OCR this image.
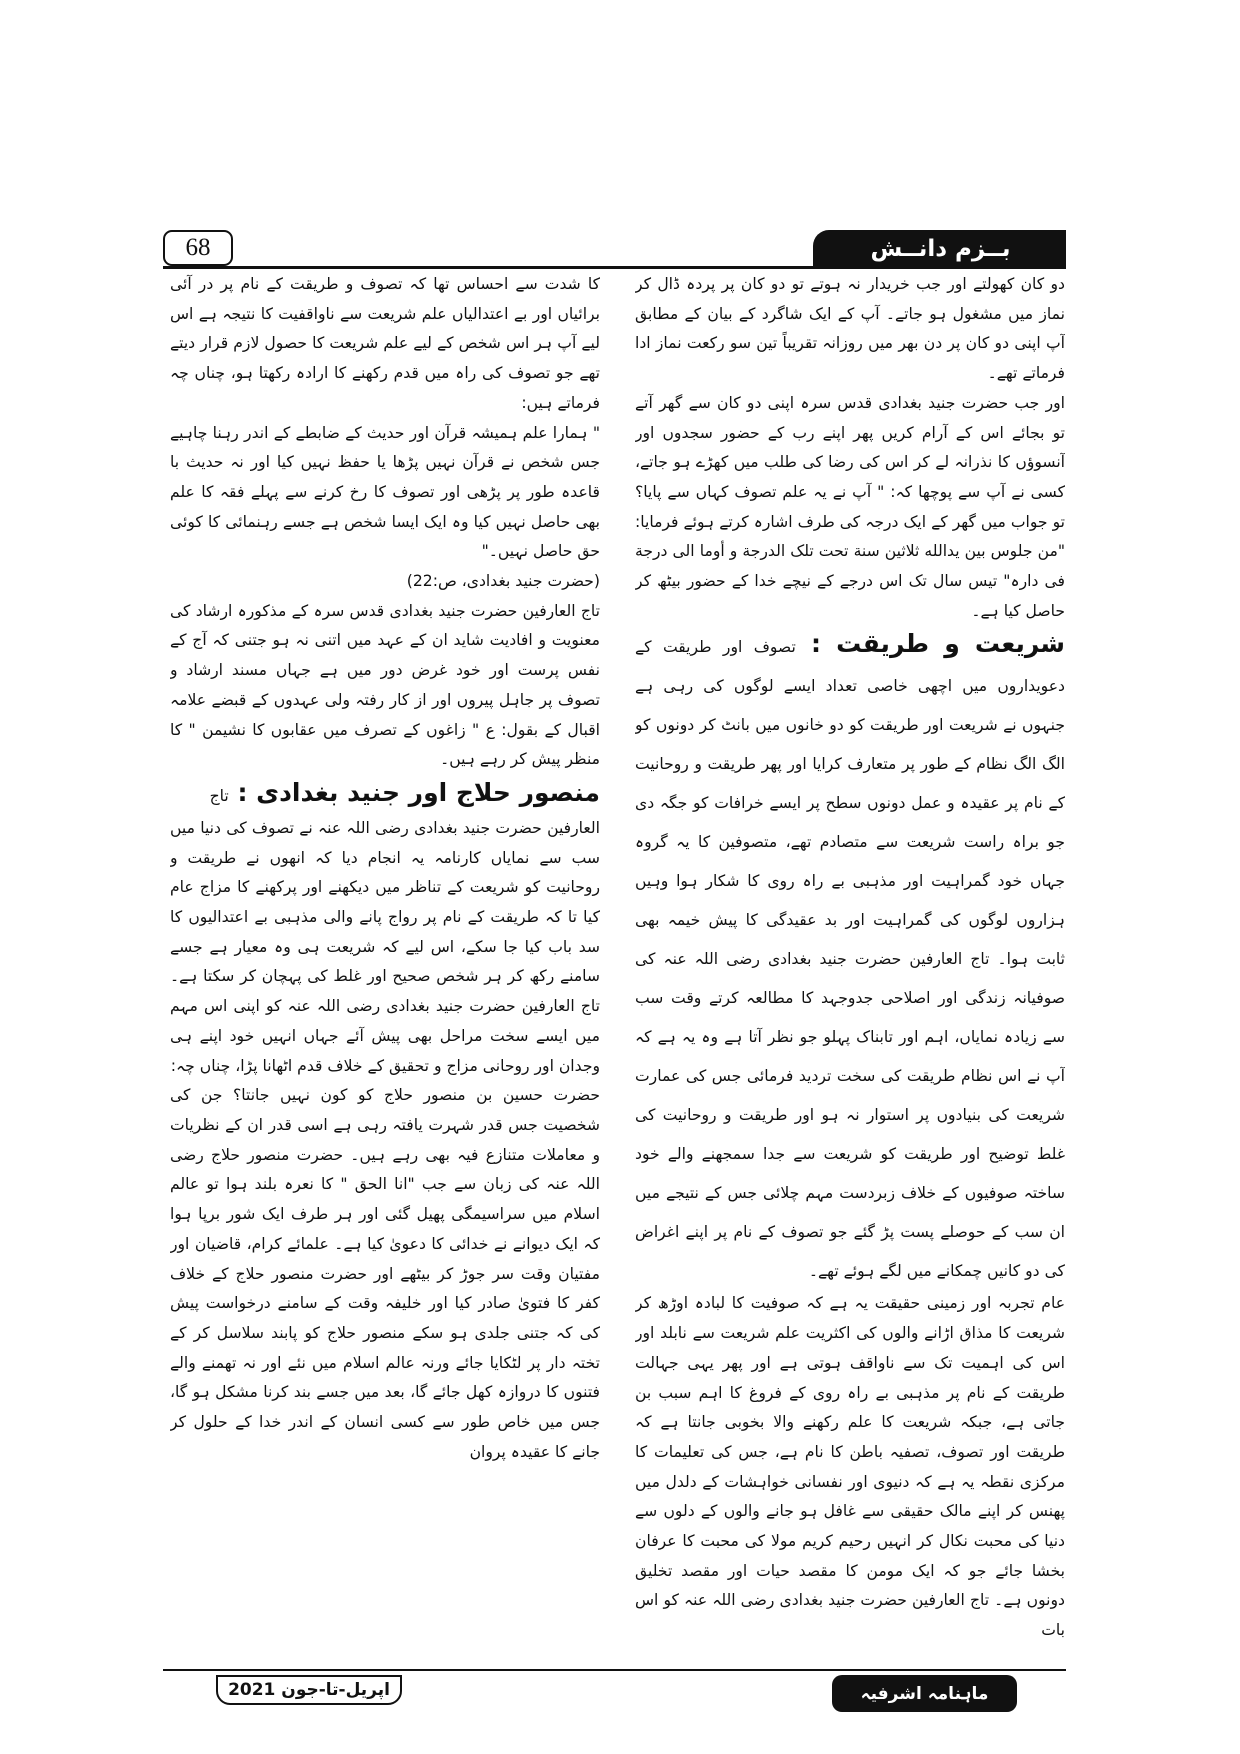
68	بــزم دانــش

دو کان کھولتے اور جب خریدار نہ ہوتے تو دو کان پر پردہ ڈال کر نماز میں مشغول ہو جاتے۔ آپ کے ایک شاگرد کے بیان کے مطابق آپ اپنی دو کان پر دن بھر میں روزانہ تقریباً تین سو رکعت نماز ادا فرماتے تھے۔

اور جب حضرت جنید بغدادی قدس سرہ اپنی دو کان سے گھر آتے تو بجائے اس کے آرام کریں پھر اپنے رب کے حضور سجدوں اور آنسوؤں کا نذرانہ لے کر اس کی رضا کی طلب میں کھڑے ہو جاتے، کسی نے آپ سے پوچھا کہ: " آپ نے یہ علم تصوف کہاں سے پایا؟ تو جواب میں گھر کے ایک درجہ کی طرف اشارہ کرتے ہوئے فرمایا: "من جلوس بین یدالله ثلاثین سنة تحت تلک الدرجة و أوما الی درجة فی دارہ" تیس سال تک اس درجے کے نیچے خدا کے حضور بیٹھ کر حاصل کیا ہے۔

شریعت و طریقت : تصوف اور طریقت کے دعویداروں میں اچھی خاصی تعداد ایسے لوگوں کی رہی ہے جنہوں نے شریعت اور طریقت کو دو خانوں میں بانٹ کر دونوں کو الگ الگ نظام کے طور پر متعارف کرایا اور پھر طریقت و روحانیت کے نام پر عقیدہ و عمل دونوں سطح پر ایسے خرافات کو جگہ دی جو براہ راست شریعت سے متصادم تھے، متصوفین کا یہ گروہ جہاں خود گمراہیت اور مذہبی بے راہ روی کا شکار ہوا وہیں ہزاروں لوگوں کی گمراہیت اور بد عقیدگی کا پیش خیمہ بھی ثابت ہوا۔ تاج العارفین حضرت جنید بغدادی رضی اللہ عنہ کی صوفیانہ زندگی اور اصلاحی جدوجہد کا مطالعہ کرتے وقت سب سے زیادہ نمایاں، اہم اور تابناک پہلو جو نظر آتا ہے وہ یہ ہے کہ آپ نے اس نظام طریقت کی سخت تردید فرمائی جس کی عمارت شریعت کی بنیادوں پر استوار نہ ہو اور طریقت و روحانیت کی غلط توضیح اور طریقت کو شریعت سے جدا سمجھنے والے خود ساختہ صوفیوں کے خلاف زبردست مہم چلائی جس کے نتیجے میں ان سب کے حوصلے پست پڑ گئے جو تصوف کے نام پر اپنے اغراض کی دو کانیں چمکانے میں لگے ہوئے تھے۔

عام تجربہ اور زمینی حقیقت یہ ہے کہ صوفیت کا لبادہ اوڑھ کر شریعت کا مذاق اڑانے والوں کی اکثریت علم شریعت سے نابلد اور اس کی اہمیت تک سے ناواقف ہوتی ہے اور پھر یہی جہالت طریقت کے نام پر مذہبی بے راہ روی کے فروغ کا اہم سبب بن جاتی ہے، جبکہ شریعت کا علم رکھنے والا بخوبی جانتا ہے کہ طریقت اور تصوف، تصفیہ باطن کا نام ہے، جس کی تعلیمات کا مرکزی نقطہ یہ ہے کہ دنیوی اور نفسانی خواہشات کے دلدل میں پھنس کر اپنے مالک حقیقی سے غافل ہو جانے والوں کے دلوں سے دنیا کی محبت نکال کر انہیں رحیم کریم مولا کی محبت کا عرفان بخشا جائے جو کہ ایک مومن کا مقصد حیات اور مقصد تخلیق دونوں ہے۔ تاج العارفین حضرت جنید بغدادی رضی اللہ عنہ کو اس بات

کا شدت سے احساس تھا کہ تصوف و طریقت کے نام پر در آئی برائیاں اور بے اعتدالیاں علم شریعت سے ناواقفیت کا نتیجہ ہے اس لیے آپ ہر اس شخص کے لیے علم شریعت کا حصول لازم قرار دیتے تھے جو تصوف کی راہ میں قدم رکھنے کا ارادہ رکھتا ہو، چناں چہ فرماتے ہیں:

" ہمارا علم ہمیشہ قرآن اور حدیث کے ضابطے کے اندر رہنا چاہیے جس شخص نے قرآن نہیں پڑھا یا حفظ نہیں کیا اور نہ حدیث با قاعدہ طور پر پڑھی اور تصوف کا رخ کرنے سے پہلے فقہ کا علم بھی حاصل نہیں کیا وہ ایک ایسا شخص ہے جسے رہنمائی کا کوئی حق حاصل نہیں۔"

(حضرت جنید بغدادی، ص:22)

تاج العارفین حضرت جنید بغدادی قدس سرہ کے مذکورہ ارشاد کی معنویت و افادیت شاید ان کے عہد میں اتنی نہ ہو جتنی کہ آج کے نفس پرست اور خود غرض دور میں ہے جہاں مسند ارشاد و تصوف پر جاہل پیروں اور از کار رفتہ ولی عہدوں کے قبضے علامہ اقبال کے بقول: ع " زاغوں کے تصرف میں عقابوں کا نشیمن " کا منظر پیش کر رہے ہیں۔

منصور حلاج اور جنید بغدادی : تاج

العارفین حضرت جنید بغدادی رضی اللہ عنہ نے تصوف کی دنیا میں سب سے نمایاں کارنامہ یہ انجام دیا کہ انھوں نے طریقت و روحانیت کو شریعت کے تناظر میں دیکھنے اور پرکھنے کا مزاج عام کیا تا کہ طریقت کے نام پر رواج پانے والی مذہبی بے اعتدالیوں کا سد باب کیا جا سکے، اس لیے کہ شریعت ہی وہ معیار ہے جسے سامنے رکھ کر ہر شخص صحیح اور غلط کی پہچان کر سکتا ہے۔ تاج العارفین حضرت جنید بغدادی رضی اللہ عنہ کو اپنی اس مہم میں ایسے سخت مراحل بھی پیش آئے جہاں انہیں خود اپنے ہی وجدان اور روحانی مزاج و تحقیق کے خلاف قدم اٹھانا پڑا، چناں چہ:

حضرت حسین بن منصور حلاج کو کون نہیں جانتا؟ جن کی شخصیت جس قدر شہرت یافتہ رہی ہے اسی قدر ان کے نظریات و معاملات متنازع فیہ بھی رہے ہیں۔ حضرت منصور حلاج رضی اللہ عنہ کی زبان سے جب "انا الحق " کا نعرہ بلند ہوا تو عالم اسلام میں سراسیمگی پھیل گئی اور ہر طرف ایک شور برپا ہوا کہ ایک دیوانے نے خدائی کا دعویٰ کیا ہے۔ علمائے کرام، قاضیان اور مفتیان وقت سر جوڑ کر بیٹھے اور حضرت منصور حلاج کے خلاف کفر کا فتویٰ صادر کیا اور خلیفہ وقت کے سامنے درخواست پیش کی کہ جتنی جلدی ہو سکے منصور حلاج کو پابند سلاسل کر کے تختہ دار پر لٹکایا جائے ورنہ عالم اسلام میں نئے اور نہ تھمنے والے فتنوں کا دروازہ کھل جائے گا، بعد میں جسے بند کرنا مشکل ہو گا، جس میں خاص طور سے کسی انسان کے اندر خدا کے حلول کر جانے کا عقیدہ پروان

اپریل-تا-جون 2021	ماہنامہ اشرفیہ
